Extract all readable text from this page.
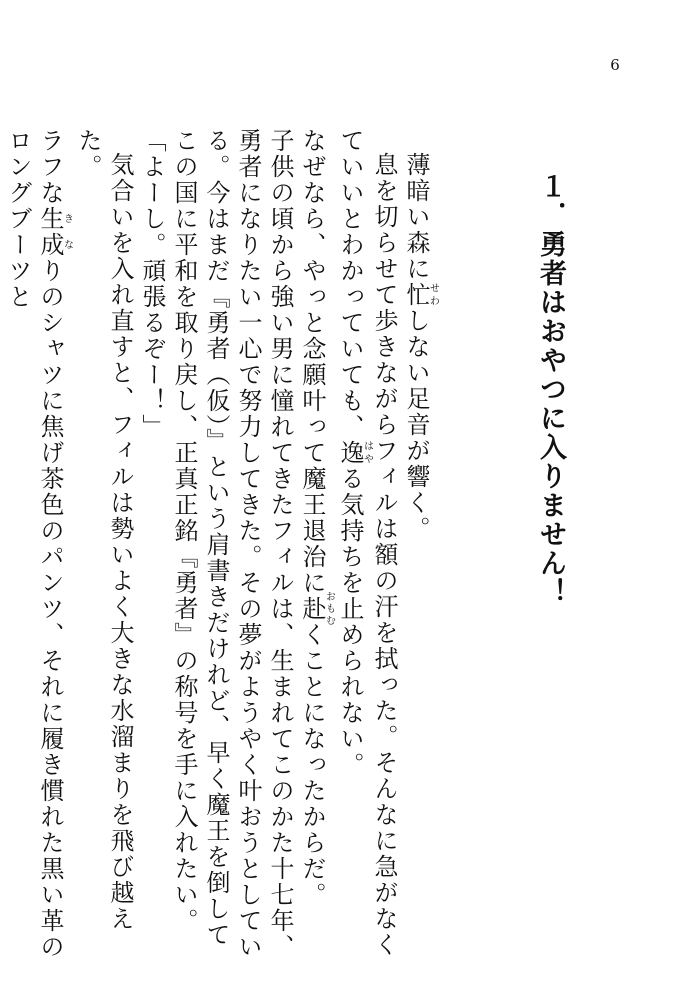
6
１．勇者はおやつに入りません！

薄暗い森に忙せわしない足音が響く。

息を切らせて歩きながらフィルは額の汗を拭った。そんなに急がなくていいとわかっていても、逸はやる気持ちを止められない。

なぜなら、やっと念願叶って魔王退治に赴おもむくことになったからだ。

子供の頃から強い男に憧れてきたフィルは、生まれてこのかた十七年、勇者になりたい一心で努力してきた。その夢がようやく叶おうとしている。今はまだ『勇者（仮）』という肩書きだけれど、早く魔王を倒してこの国に平和を取り戻し、正真正銘『勇者』の称号を手に入れたい。

「よーし。頑張るぞー！」

気合いを入れ直すと、フィルは勢いよく大きな水溜まりを飛び越えた。

ラフな生成きなりのシャツに焦げ茶色のパンツ、それに履き慣れた黒い革のロングブーツと
